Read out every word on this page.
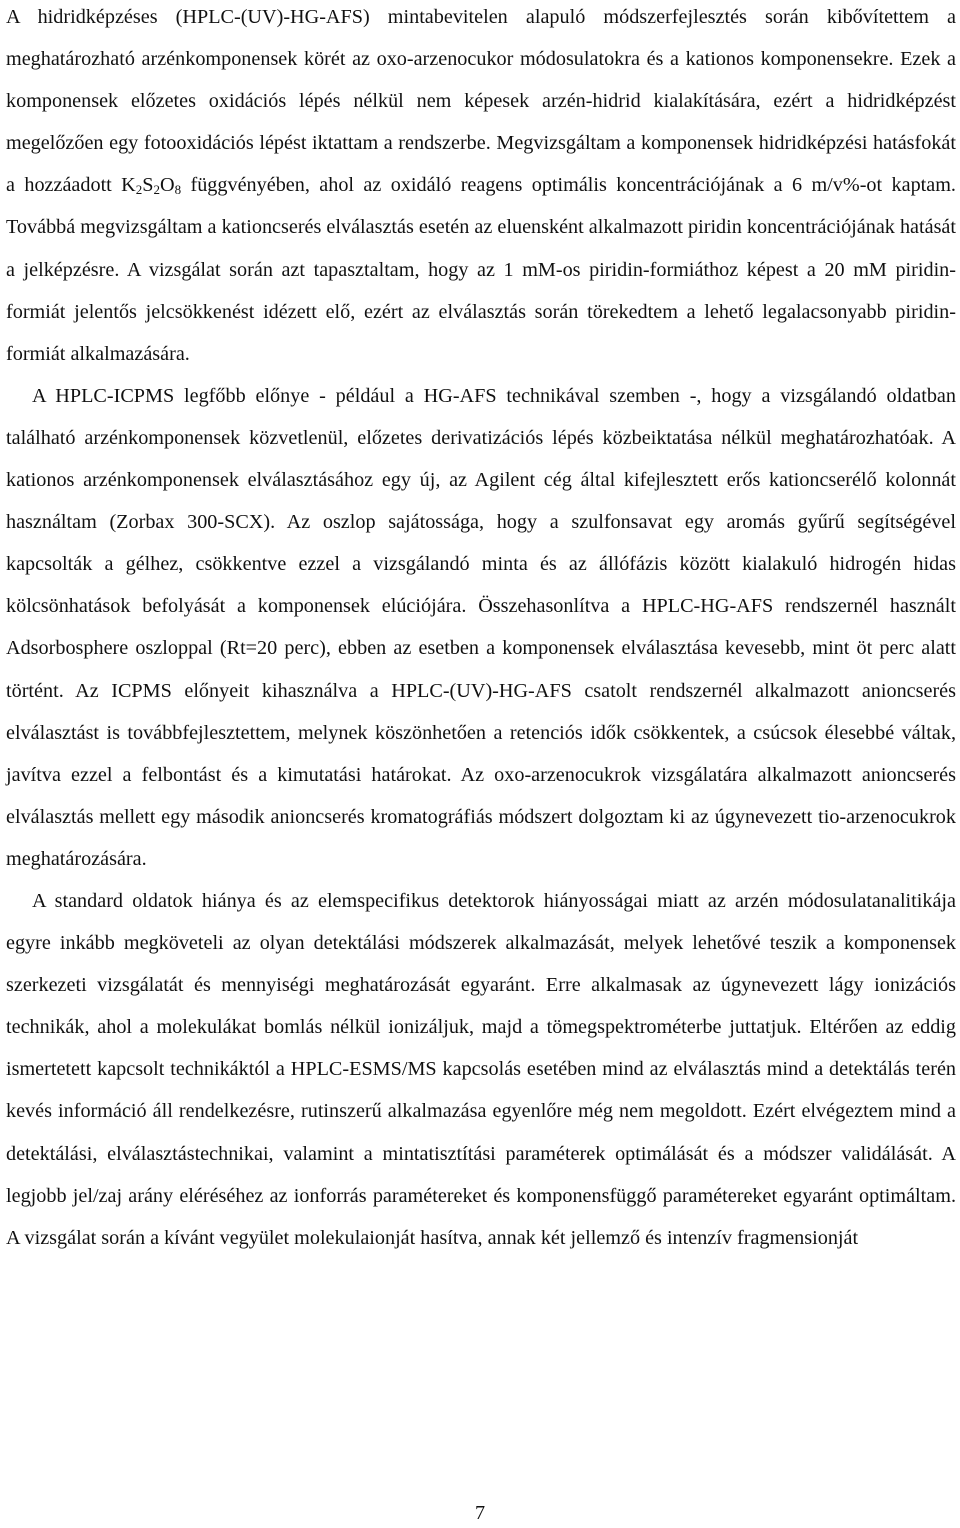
A hidridképzéses (HPLC-(UV)-HG-AFS) mintabevitelen alapuló módszerfejlesztés során kibővítettem a meghatározható arzénkomponensek körét az oxo-arzenocukor módosulatokra és a kationos komponensekre. Ezek a komponensek előzetes oxidációs lépés nélkül nem képesek arzén-hidrid kialakítására, ezért a hidridképzést megelőzően egy fotooxidációs lépést iktattam a rendszerbe. Megvizsgáltam a komponensek hidridképzési hatásfokát a hozzáadott $K_2S_2O_8$ függvényében, ahol az oxidáló reagens optimális koncentrációjának a 6 m/v%-ot kaptam. Továbbá megvizsgáltam a kationcserés elválasztás esetén az eluensként alkalmazott piridin koncentrációjának hatását a jelképzésre. A vizsgálat során azt tapasztaltam, hogy az 1 mM-os piridin-formiáthoz képest a 20 mM piridin-formiát jelentős jelcsökkenést idézett elő, ezért az elválasztás során törekedtem a lehető legalacsonyabb piridin-formiát alkalmazására.

A HPLC-ICPMS legfőbb előnye - például a HG-AFS technikával szemben -, hogy a vizsgálandó oldatban található arzénkomponensek közvetlenül, előzetes derivatizációs lépés közbeiktatása nélkül meghatározhatóak. A kationos arzénkomponensek elválasztásához egy új, az Agilent cég által kifejlesztett erős kationcserélő kolonnát használtam (Zorbax 300-SCX). Az oszlop sajátossága, hogy a szulfonsavat egy aromás gyűrű segítségével kapcsolták a gélhez, csökkentve ezzel a vizsgálandó minta és az állófázis között kialakuló hidrogén hidas kölcsönhatások befolyását a komponensek elúciójára. Összehasonlítva a HPLC-HG-AFS rendszernél használt Adsorbosphere oszloppal (Rt=20 perc), ebben az esetben a komponensek elválasztása kevesebb, mint öt perc alatt történt. Az ICPMS előnyeit kihasználva a HPLC-(UV)-HG-AFS csatolt rendszernél alkalmazott anioncserés elválasztást is továbbfejlesztettem, melynek köszönhetően a retenciós idők csökkentek, a csúcsok élesebbé váltak, javítva ezzel a felbontást és a kimutatási határokat. Az oxo-arzenocukrok vizsgálatára alkalmazott anioncserés elválasztás mellett egy második anioncserés kromatográfiás módszert dolgoztam ki az úgynevezett tio-arzenocukrok meghatározására.

A standard oldatok hiánya és az elemspecifikus detektorok hiányosságai miatt az arzén módosulatanalitikája egyre inkább megköveteli az olyan detektálási módszerek alkalmazását, melyek lehetővé teszik a komponensek szerkezeti vizsgálatát és mennyiségi meghatározását egyaránt. Erre alkalmasak az úgynevezett lágy ionizációs technikák, ahol a molekulákat bomlás nélkül ionizáljuk, majd a tömegspektrométerbe juttatjuk. Eltérően az eddig ismertetett kapcsolt technikáktól a HPLC-ESMS/MS kapcsolás esetében mind az elválasztás mind a detektálás terén kevés információ áll rendelkezésre, rutinszerű alkalmazása egyenlőre még nem megoldott. Ezért elvégeztem mind a detektálási, elválasztástechnikai, valamint a mintatisztítási paraméterek optimálását és a módszer validálását. A legjobb jel/zaj arány eléréséhez az ionforrás paramétereket és komponensfüggő paramétereket egyaránt optimáltam. A vizsgálat során a kívánt vegyület molekulaionját hasítva, annak két jellemző és intenzív fragmensionját

7
